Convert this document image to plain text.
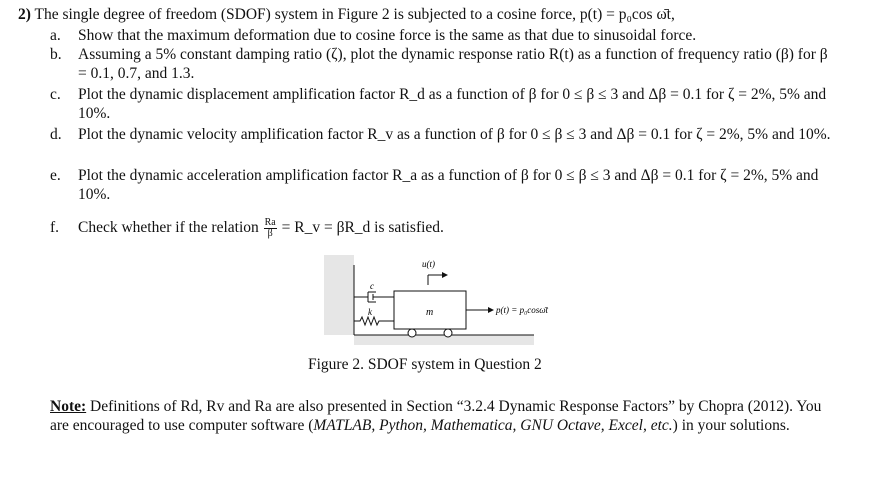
2) The single degree of freedom (SDOF) system in Figure 2 is subjected to a cosine force, p(t) = p₀cos ω̄t,
a. Show that the maximum deformation due to cosine force is the same as that due to sinusoidal force.
b. Assuming a 5% constant damping ratio (ζ), plot the dynamic response ratio R(t) as a function of frequency ratio (β) for β = 0.1, 0.7, and 1.3.
c. Plot the dynamic displacement amplification factor R_d as a function of β for 0 ≤ β ≤ 3 and Δβ = 0.1 for ζ = 2%, 5% and 10%.
d. Plot the dynamic velocity amplification factor R_v as a function of β for 0 ≤ β ≤ 3 and Δβ = 0.1 for ζ = 2%, 5% and 10%.
e. Plot the dynamic acceleration amplification factor R_a as a function of β for 0 ≤ β ≤ 3 and Δβ = 0.1 for ζ = 2%, 5% and 10%.
f. Check whether if the relation $\frac{Ra}{\beta}$ = R_v = βR_d is satisfied.
u(t)
c
k	m	p(t) = p₀cosω̄t
Figure 2. SDOF system in Question 2
Note: Definitions of Rd, Rv and Ra are also presented in Section “3.2.4 Dynamic Response Factors” by Chopra (2012). You are encouraged to use computer software (MATLAB, Python, Mathematica, GNU Octave, Excel, etc.) in your solutions.
